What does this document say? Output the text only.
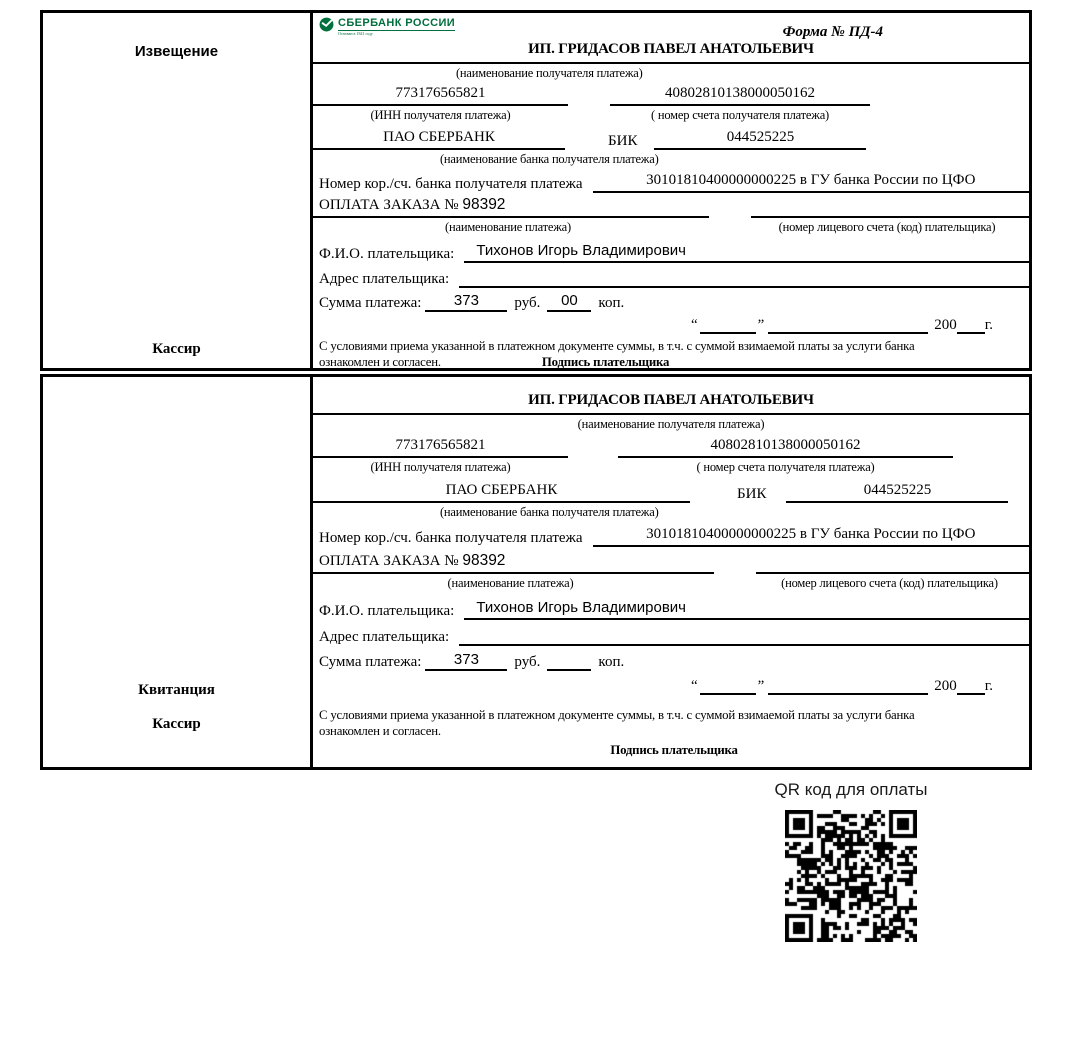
Извещение
Кассир
СБЕРБАНК РОССИИ
Основан в 1841 году	Форма № ПД-4
ИП. ГРИДАСОВ ПАВЕЛ АНАТОЛЬЕВИЧ
(наименование получателя платежа)
773176565821	40802810138000050162
(ИНН получателя платежа)	( номер счета получателя платежа)
ПАО СБЕРБАНК	БИК	044525225
(наименование банка получателя платежа)
Номер кор./сч. банка получателя платежа	30101810400000000225 в ГУ банка России по ЦФО
ОПЛАТА ЗАКАЗА № 98392
(наименование платежа)	(номер лицевого счета (код) плательщика)
Ф.И.О. плательщика:	Тихонов Игорь Владимирович
Адрес плательщика:
Сумма платежа:	373	руб.	00	коп.
“	”	200 г.
С условиями приема указанной в платежном документе суммы, в т.ч. с суммой взимаемой платы за услуги банка
ознакомлен и согласен.	Подпись плательщика
Квитанция
Кассир
ИП. ГРИДАСОВ ПАВЕЛ АНАТОЛЬЕВИЧ
(наименование получателя платежа)
773176565821	40802810138000050162
(ИНН получателя платежа)	( номер счета получателя платежа)
ПАО СБЕРБАНК	БИК	044525225
(наименование банка получателя платежа)
Номер кор./сч. банка получателя платежа	30101810400000000225 в ГУ банка России по ЦФО
ОПЛАТА ЗАКАЗА № 98392
(наименование платежа)	(номер лицевого счета (код) плательщика)
Ф.И.О. плательщика:	Тихонов Игорь Владимирович
Адрес плательщика:
Сумма платежа:	373	руб.	коп.
“	”	200 г.
С условиями приема указанной в платежном документе суммы, в т.ч. с суммой взимаемой платы за услуги банка
ознакомлен и согласен.
Подпись плательщика
QR код для оплаты
